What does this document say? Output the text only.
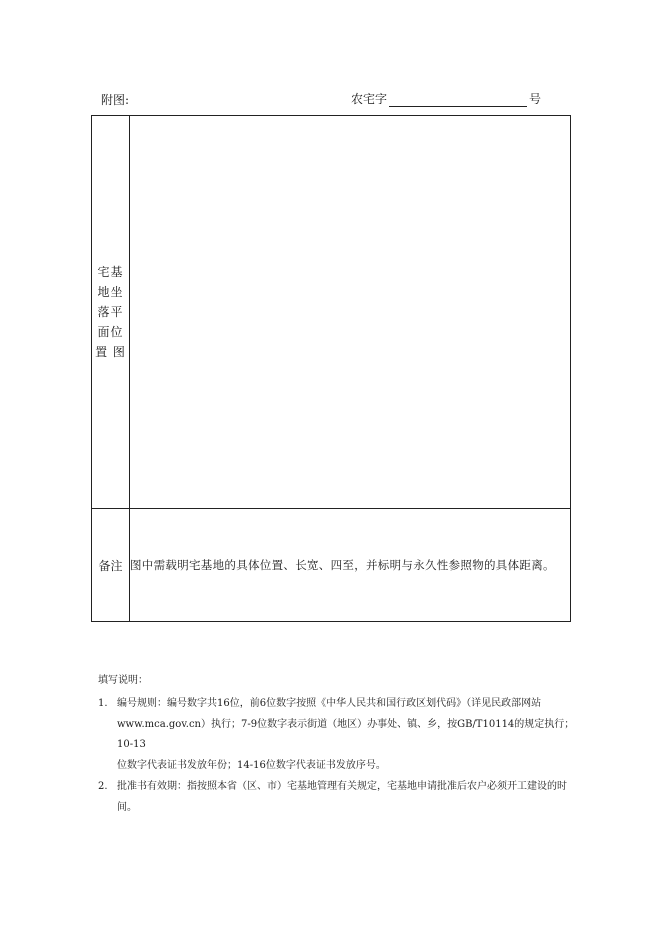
附图:	农宅字	号
宅基
地坐
落平
面位
置 图	

备注	图中需载明宅基地的具体位置、长宽、四至，并标明与永久性参照物的具体距离。
填写说明：
1. 编号规则：编号数字共16位，前6位数字按照《中华人民共和国行政区划代码》（详见民政部网站
www.mca.gov.cn）执行；7-9位数字表示街道（地区）办事处、镇、乡，按GB/T10114的规定执行；10-13
位数字代表证书发放年份；14-16位数字代表证书发放序号。
2. 批准书有效期：指按照本省（区、市）宅基地管理有关规定，宅基地申请批准后农户必须开工建设的时
间。
